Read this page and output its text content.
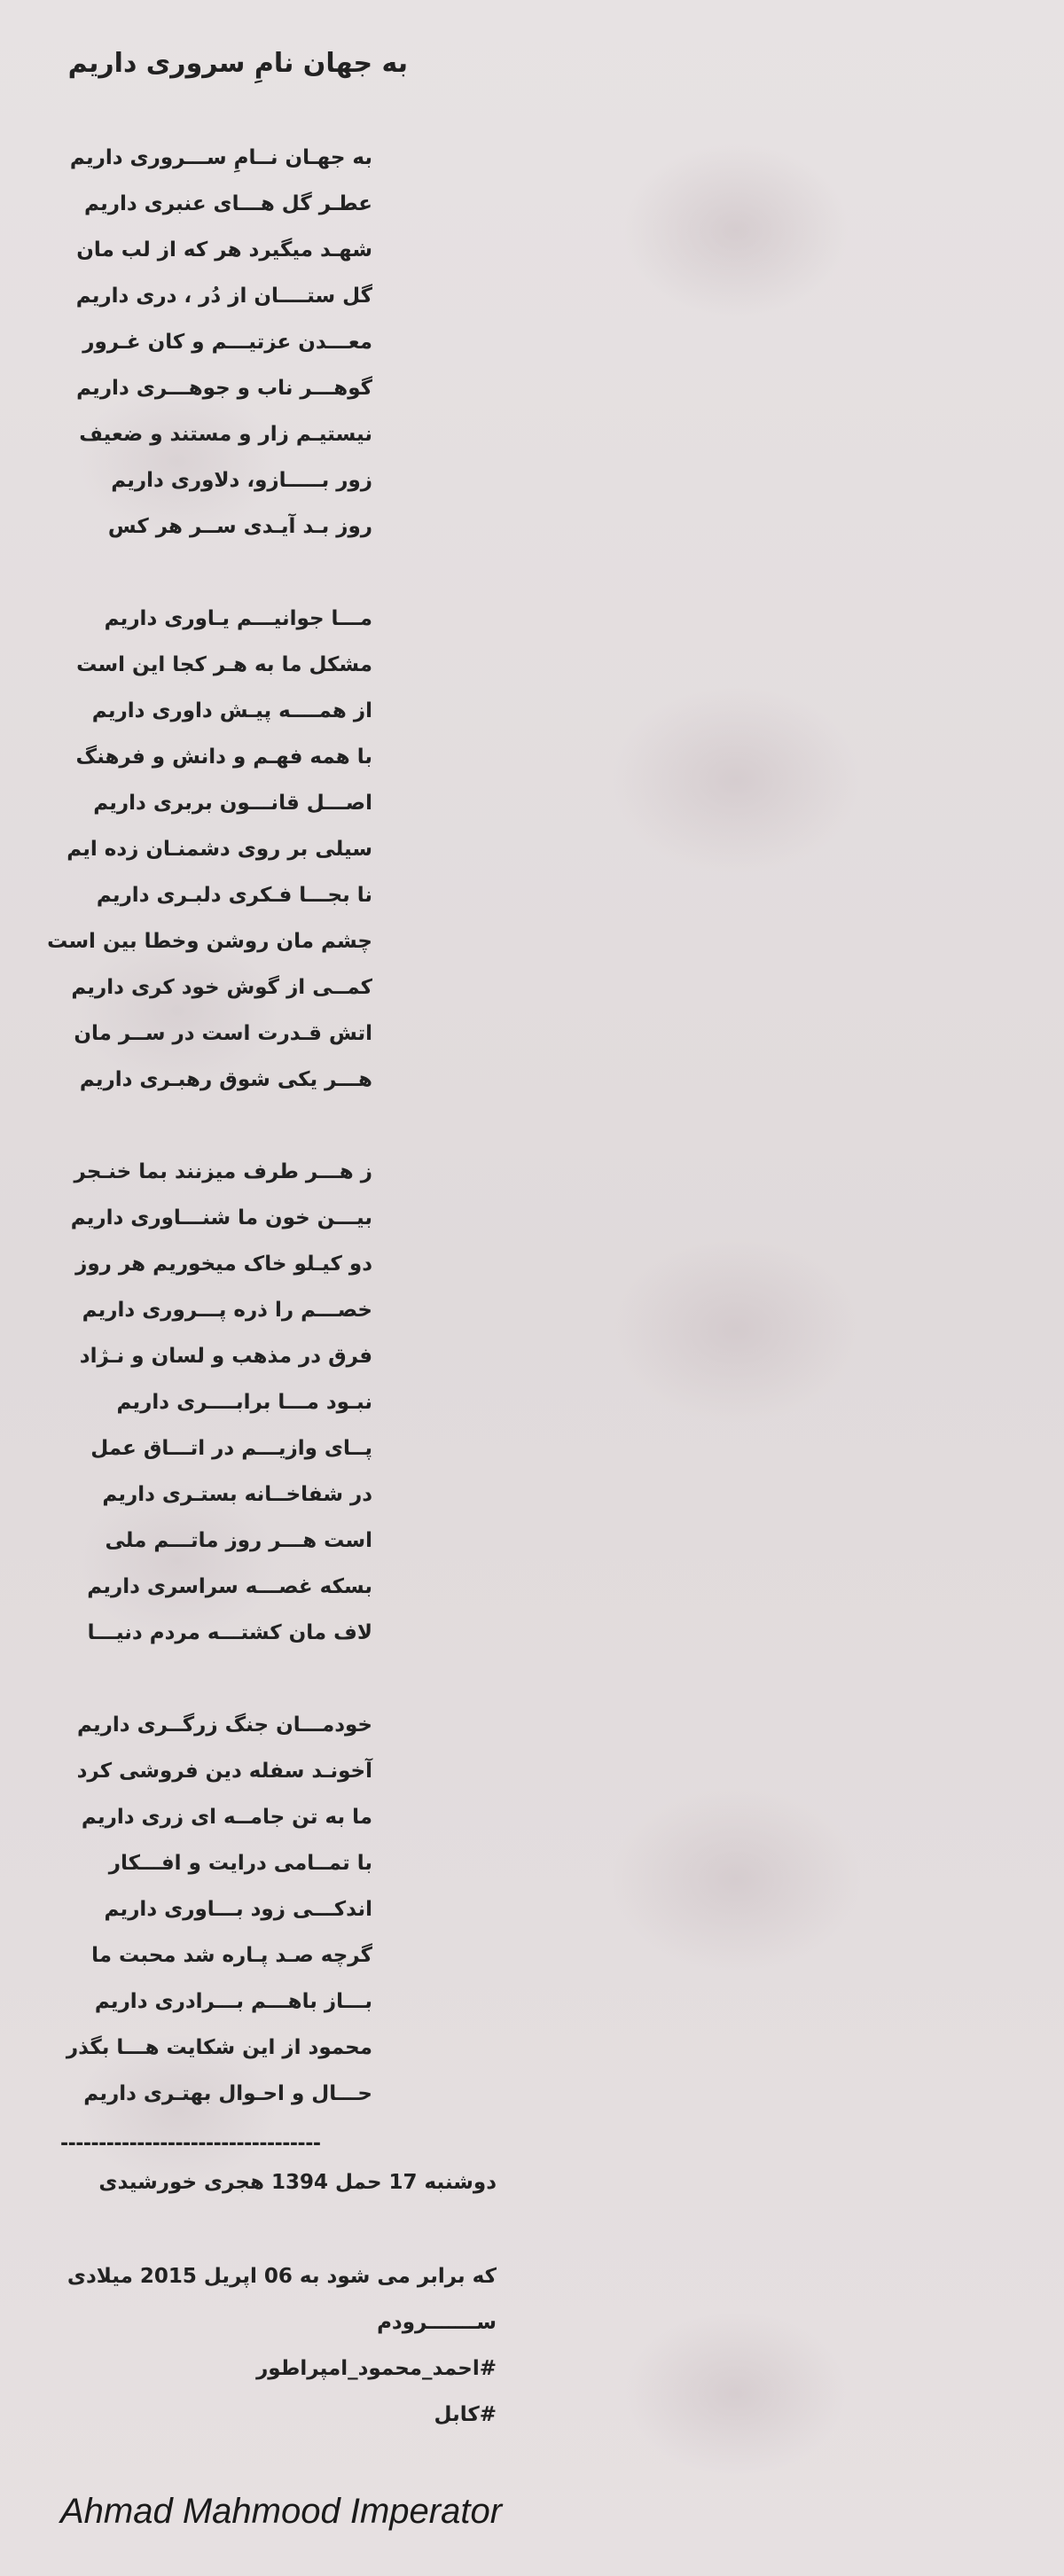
به جهان نامِ سروری داریم
به جهـان نــامِ ســـروری داریم
عطـر گل هـــای عنبری داریم
شهـد میگیرد هر که از لب مان
گل ستــــان از دُر ، دری داریم
معـــدن عزتیـــم و کان غـرور
گوهـــر ناب و جوهـــری داریم
نیستیـم زار و مستند و ضعیف
زور بـــــازو، دلاوری داریم
روز بـد آیـدی ســر هر کس
مـــا جوانیـــم یـاوری داریم
مشکل ما به هـر کجا این است
از همــــه پیـش داوری داریم
با همه فهـم و دانش و فرهنگ
اصـــل قانـــون بربری داریم
سیلی بر روی دشمنـان زده ایم
نا بجـــا فـکری دلبـری داریم
چشم مان روشن وخطا بین است
کمــی از گوش خود کری داریم
اتش قـدرت است در ســر مان
هـــر یکی شوق رهبـری داریم
ز هـــر طرف میزنند بما خنـجر
بیـــن خون ما شنـــاوری داریم
دو کیـلو خاک میخوریم هر روز
خصـــم را ذره پـــروری داریم
فرق در مذهب و لسان و نـژاد
نبـود مـــا برابــــری داریم
پــای وازیـــم در اتـــاق عمل
در شفاخــانه بستـری داریم
است هـــر روز ماتـــم ملی
بسکه غصـــه سراسری داریم
لاف مان کشتـــه مردم دنیـــا
خودمـــان جنگ زرگــری داریم
آخونـد سفله دین فروشی کرد
ما به تن جامــه ای زری داریم
با تمــامی درایت و افـــکار
اندکـــی زود بـــاوری داریم
گرچه صـد پـاره شد محبت ما
بـــاز باهـــم بـــرادری داریم
محمود از این شکایت هـــا بگذر
حـــال و احـوال بهتـری داریم
----------------------------------
دوشنبه 17 حمل 1394 هجری خورشیدی
که برابر می شود به 06 اپریل 2015 میلادی
ســـــــرودم
#احمد_محمود_امپراطور
#کابل
Ahmad Mahmood Imperator
